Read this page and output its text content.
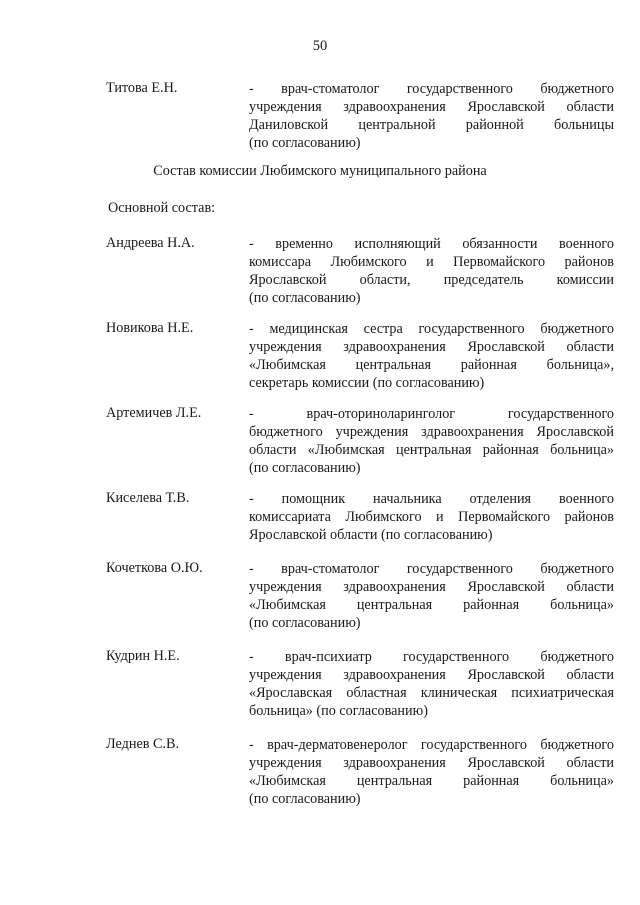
50
Титова Е.Н.	- врач-стоматолог государственного бюджетного
учреждения здравоохранения Ярославской области
Даниловской центральной районной больницы
(по согласованию)
Состав комиссии Любимского муниципального района
Основной состав:
Андреева Н.А.	- временно исполняющий обязанности военного
комиссара Любимского и Первомайского районов
Ярославской области, председатель комиссии
(по согласованию)
Новикова Н.Е.	- медицинская сестра государственного бюджетного
учреждения здравоохранения Ярославской области
«Любимская центральная районная больница»,
секретарь комиссии (по согласованию)
Артемичев Л.Е.	- врач-оториноларинголог государственного
бюджетного учреждения здравоохранения Ярославской
области «Любимская центральная районная больница»
(по согласованию)
Киселева Т.В.	- помощник начальника отделения военного
комиссариата Любимского и Первомайского районов
Ярославской области (по согласованию)
Кочеткова О.Ю.	- врач-стоматолог государственного бюджетного
учреждения здравоохранения Ярославской области
«Любимская центральная районная больница»
(по согласованию)
Кудрин Н.Е.	- врач-психиатр государственного бюджетного
учреждения здравоохранения Ярославской области
«Ярославская областная клиническая психиатрическая
больница» (по согласованию)
Леднев С.В.	- врач-дерматовенеролог государственного бюджетного
учреждения здравоохранения Ярославской области
«Любимская центральная районная больница»
(по согласованию)
